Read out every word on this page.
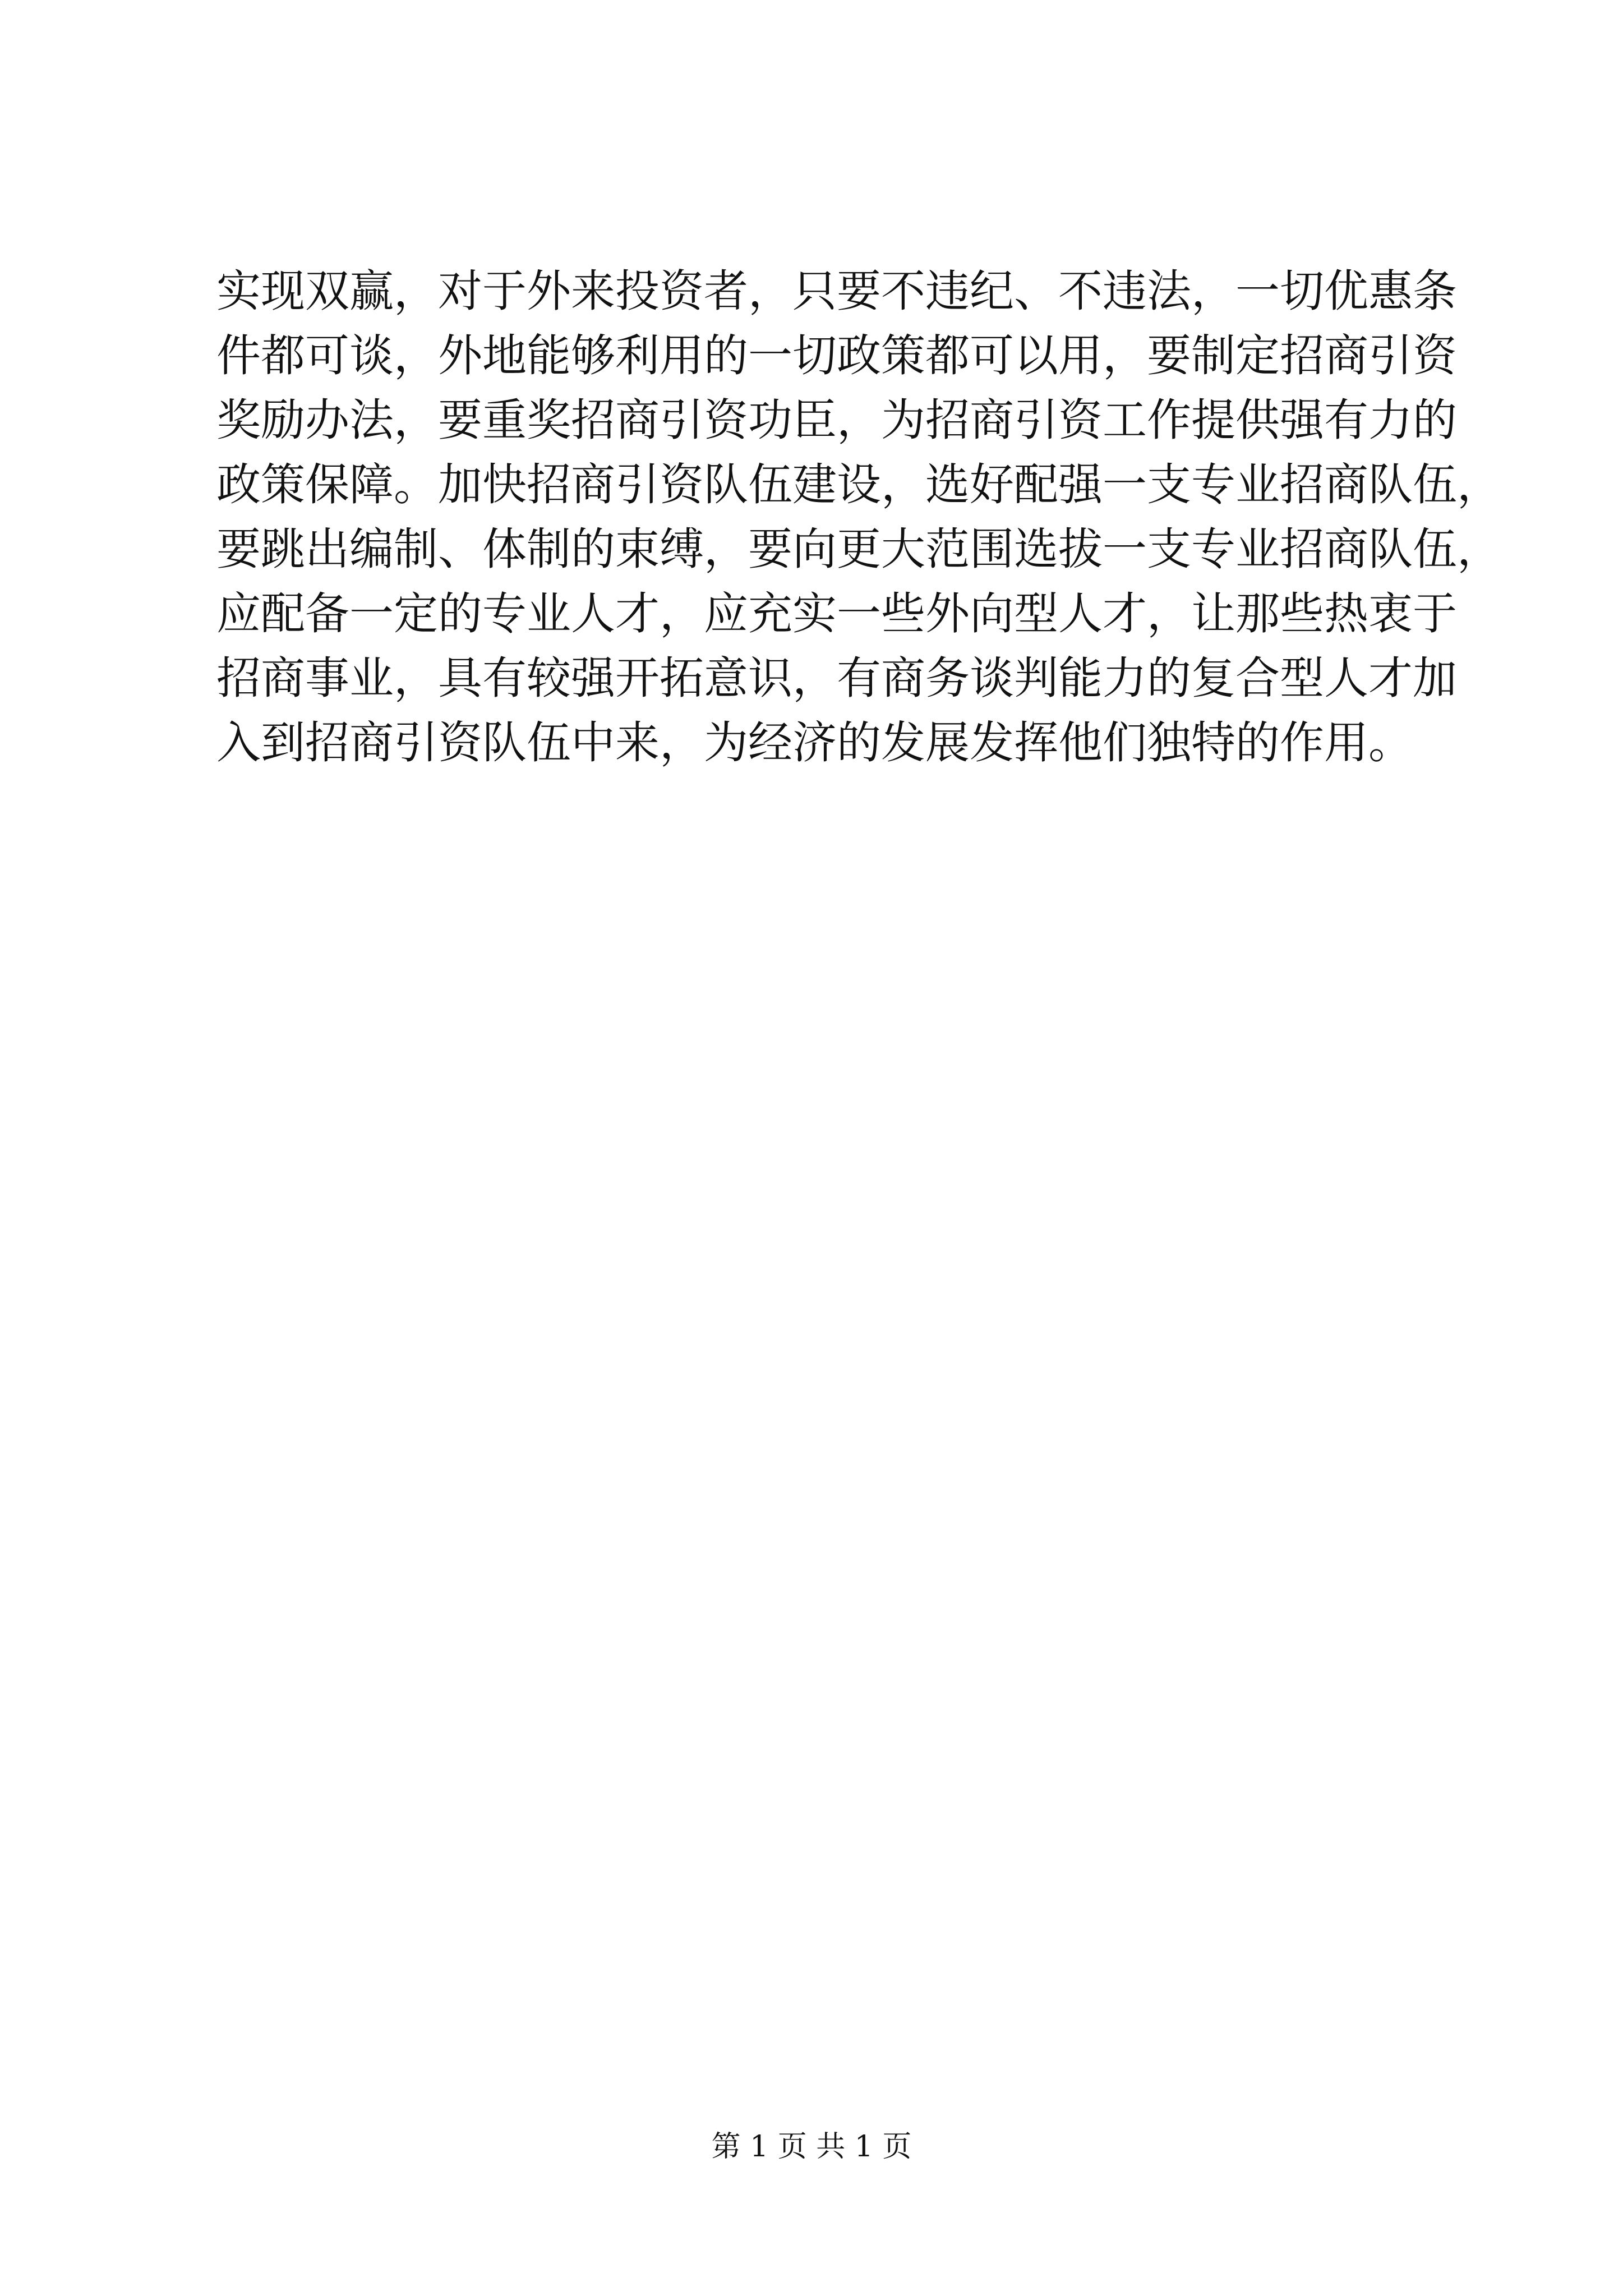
实现双赢，对于外来投资者，只要不违纪、不违法，一切优惠条
件都可谈，外地能够利用的一切政策都可以用，要制定招商引资
奖励办法，要重奖招商引资功臣，为招商引资工作提供强有力的
政策保障。加快招商引资队伍建设，选好配强一支专业招商队伍，
要跳出编制、体制的束缚，要向更大范围选拔一支专业招商队伍，
应配备一定的专业人才，应充实一些外向型人才，让那些热衷于
招商事业，具有较强开拓意识，有商务谈判能力的复合型人才加
入到招商引资队伍中来，为经济的发展发挥他们独特的作用。
第 1 页 共 1 页
